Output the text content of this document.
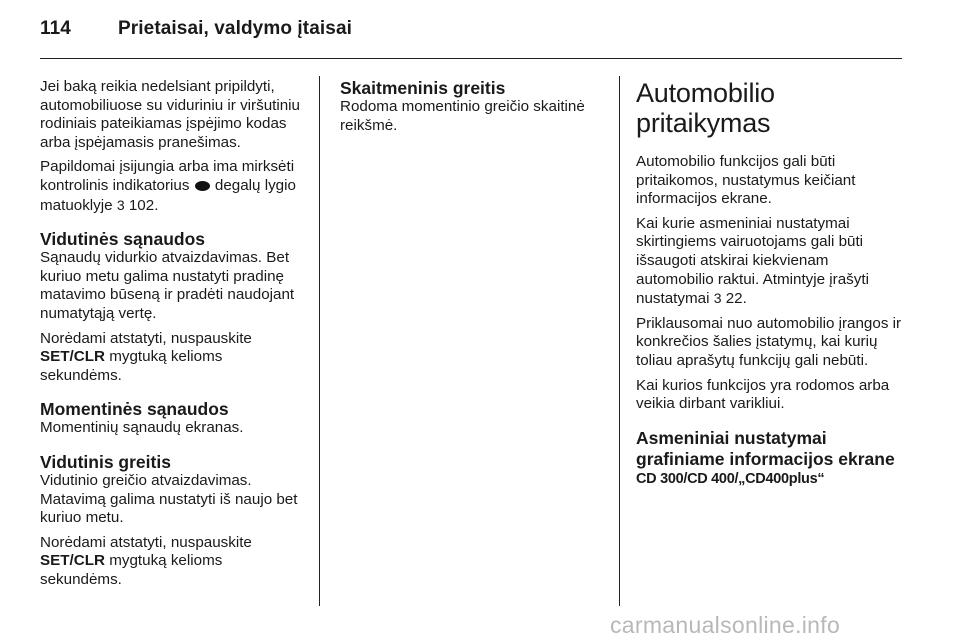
114	Prietaisai, valdymo įtaisai

Jei baką reikia nedelsiant pripildyti, automobiliuose su viduriniu ir viršutiniu rodiniais pateikiamas įspėjimo kodas arba įspėjamasis pranešimas.

Papildomai įsijungia arba ima mirksėti kontrolinis indikatorius degalų lygio matuoklyje 3 102.

Vidutinės sąnaudos

Sąnaudų vidurkio atvaizdavimas. Bet kuriuo metu galima nustatyti pradinę matavimo būseną ir pradėti naudojant numatytąją vertę.

Norėdami atstatyti, nuspauskite SET/CLR mygtuką kelioms sekundėms.

Momentinės sąnaudos

Momentinių sąnaudų ekranas.

Vidutinis greitis

Vidutinio greičio atvaizdavimas. Matavimą galima nustatyti iš naujo bet kuriuo metu.

Norėdami atstatyti, nuspauskite SET/CLR mygtuką kelioms sekundėms.

Skaitmeninis greitis

Rodoma momentinio greičio skaitinė reikšmė.

Automobilio pritaikymas

Automobilio funkcijos gali būti pritaikomos, nustatymus keičiant informacijos ekrane.

Kai kurie asmeniniai nustatymai skirtingiems vairuotojams gali būti išsaugoti atskirai kiekvienam automobilio raktui. Atmintyje įrašyti nustatymai 3 22.

Priklausomai nuo automobilio įrangos ir konkrečios šalies įstatymų, kai kurių toliau aprašytų funkcijų gali nebūti.

Kai kurios funkcijos yra rodomos arba veikia dirbant varikliui.

Asmeniniai nustatymai grafiniame informacijos ekrane
CD 300/CD 400/„CD400plus“
carmanualsonline.info
